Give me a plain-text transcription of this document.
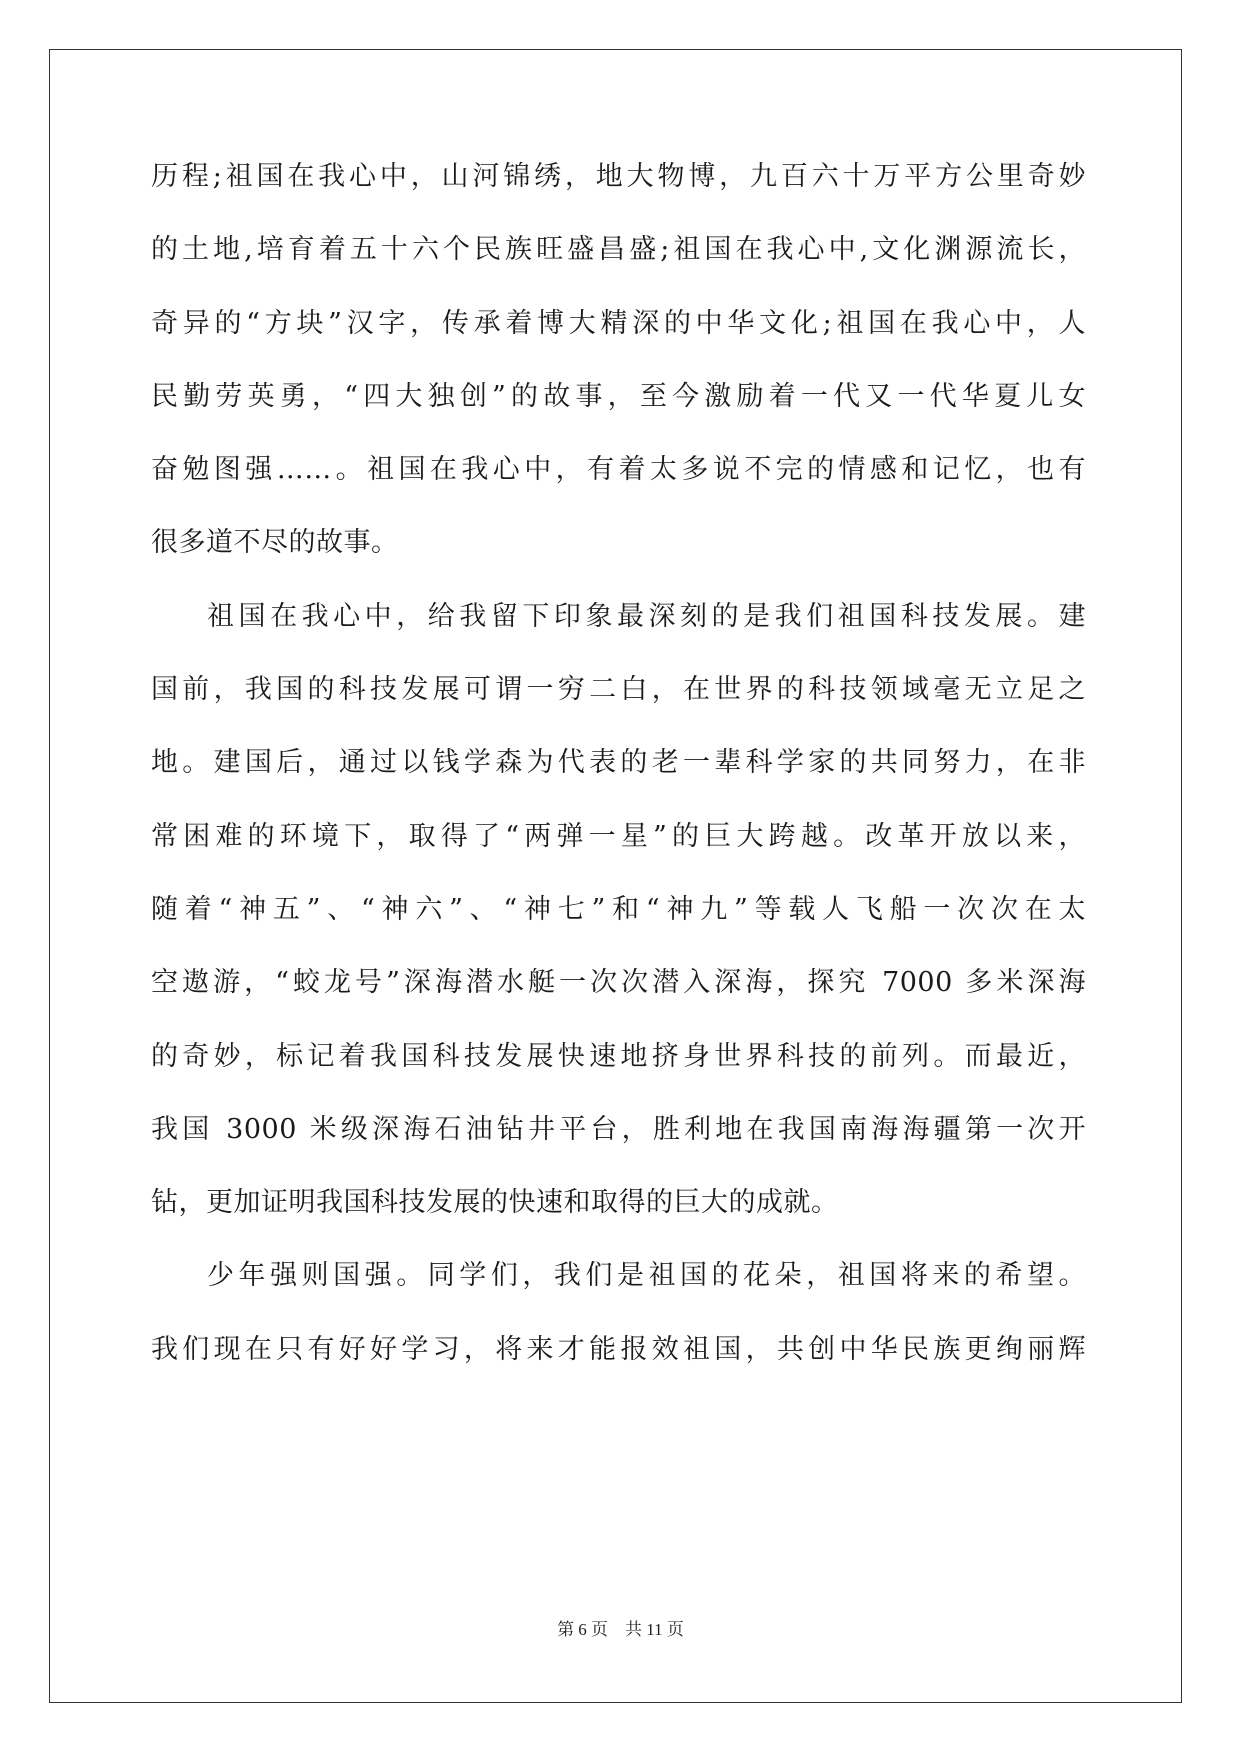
历程;祖国在我心中，山河锦绣，地大物博，九百六十万平方公里奇妙
的土地,培育着五十六个民族旺盛昌盛;祖国在我心中,文化渊源流长，
奇异的“方块”汉字，传承着博大精深的中华文化;祖国在我心中，人
民勤劳英勇，“四大独创”的故事，至今激励着一代又一代华夏儿女
奋勉图强……。祖国在我心中，有着太多说不完的情感和记忆，也有
很多道不尽的故事。
祖国在我心中，给我留下印象最深刻的是我们祖国科技发展。建
国前，我国的科技发展可谓一穷二白，在世界的科技领域毫无立足之
地。建国后，通过以钱学森为代表的老一辈科学家的共同努力，在非
常困难的环境下，取得了“两弹一星”的巨大跨越。改革开放以来，
随着“神五”、“神六”、“神七”和“神九”等载人飞船一次次在太
空遨游，“蛟龙号”深海潜水艇一次次潜入深海，探究 7000 多米深海
的奇妙，标记着我国科技发展快速地挤身世界科技的前列。而最近，
我国 3000 米级深海石油钻井平台，胜利地在我国南海海疆第一次开
钻，更加证明我国科技发展的快速和取得的巨大的成就。
少年强则国强。同学们，我们是祖国的花朵，祖国将来的希望。
我们现在只有好好学习，将来才能报效祖国，共创中华民族更绚丽辉
第 6 页　共 11 页
